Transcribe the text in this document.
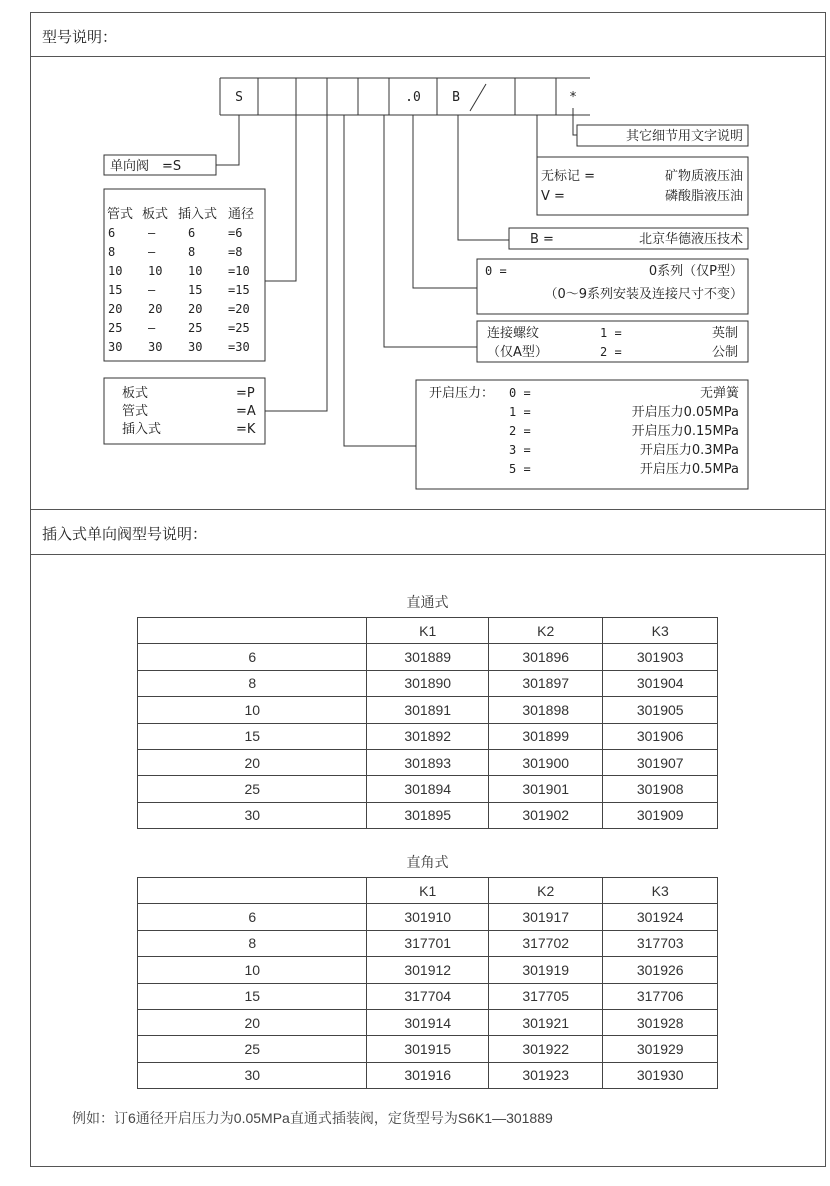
型号说明：
插入式单向阀型号说明：
S	.0 B	*
单向阀　=S
管式 板式 插入式 通径
6	–	6	=6
8	–	8	=8
10 10 10 =10
15 –	15 =15
20 20 20 =20
25 –	25 =25
30 30 30 =30
板式	=P
管式	=A
插入式	=K
其它细节用文字说明
无标记 =	矿物质液压油
V =	磷酸脂液压油
B =	北京华德液压技术
0 =	0系列（仅P型）
（0～9系列安装及连接尺寸不变）
连接螺纹	1 =	英制
（仅A型）	2 =	公制
开启压力： 0 =	无弹簧
1 =	开启压力0.05MPa
2 =	开启压力0.15MPa
3 =	开启压力0.3MPa
5 =	开启压力0.5MPa
直通式
	K1	K2	K3
6	301889	301896	301903
8	301890	301897	301904
10	301891	301898	301905
15	301892	301899	301906
20	301893	301900	301907
25	301894	301901	301908
30	301895	301902	301909
直角式
	K1	K2	K3
6	301910	301917	301924
8	317701	317702	317703
10	301912	301919	301926
15	317704	317705	317706
20	301914	301921	301928
25	301915	301922	301929
30	301916	301923	301930
例如：订6通径开启压力为0.05MPa直通式插装阀，定货型号为S6K1—301889
